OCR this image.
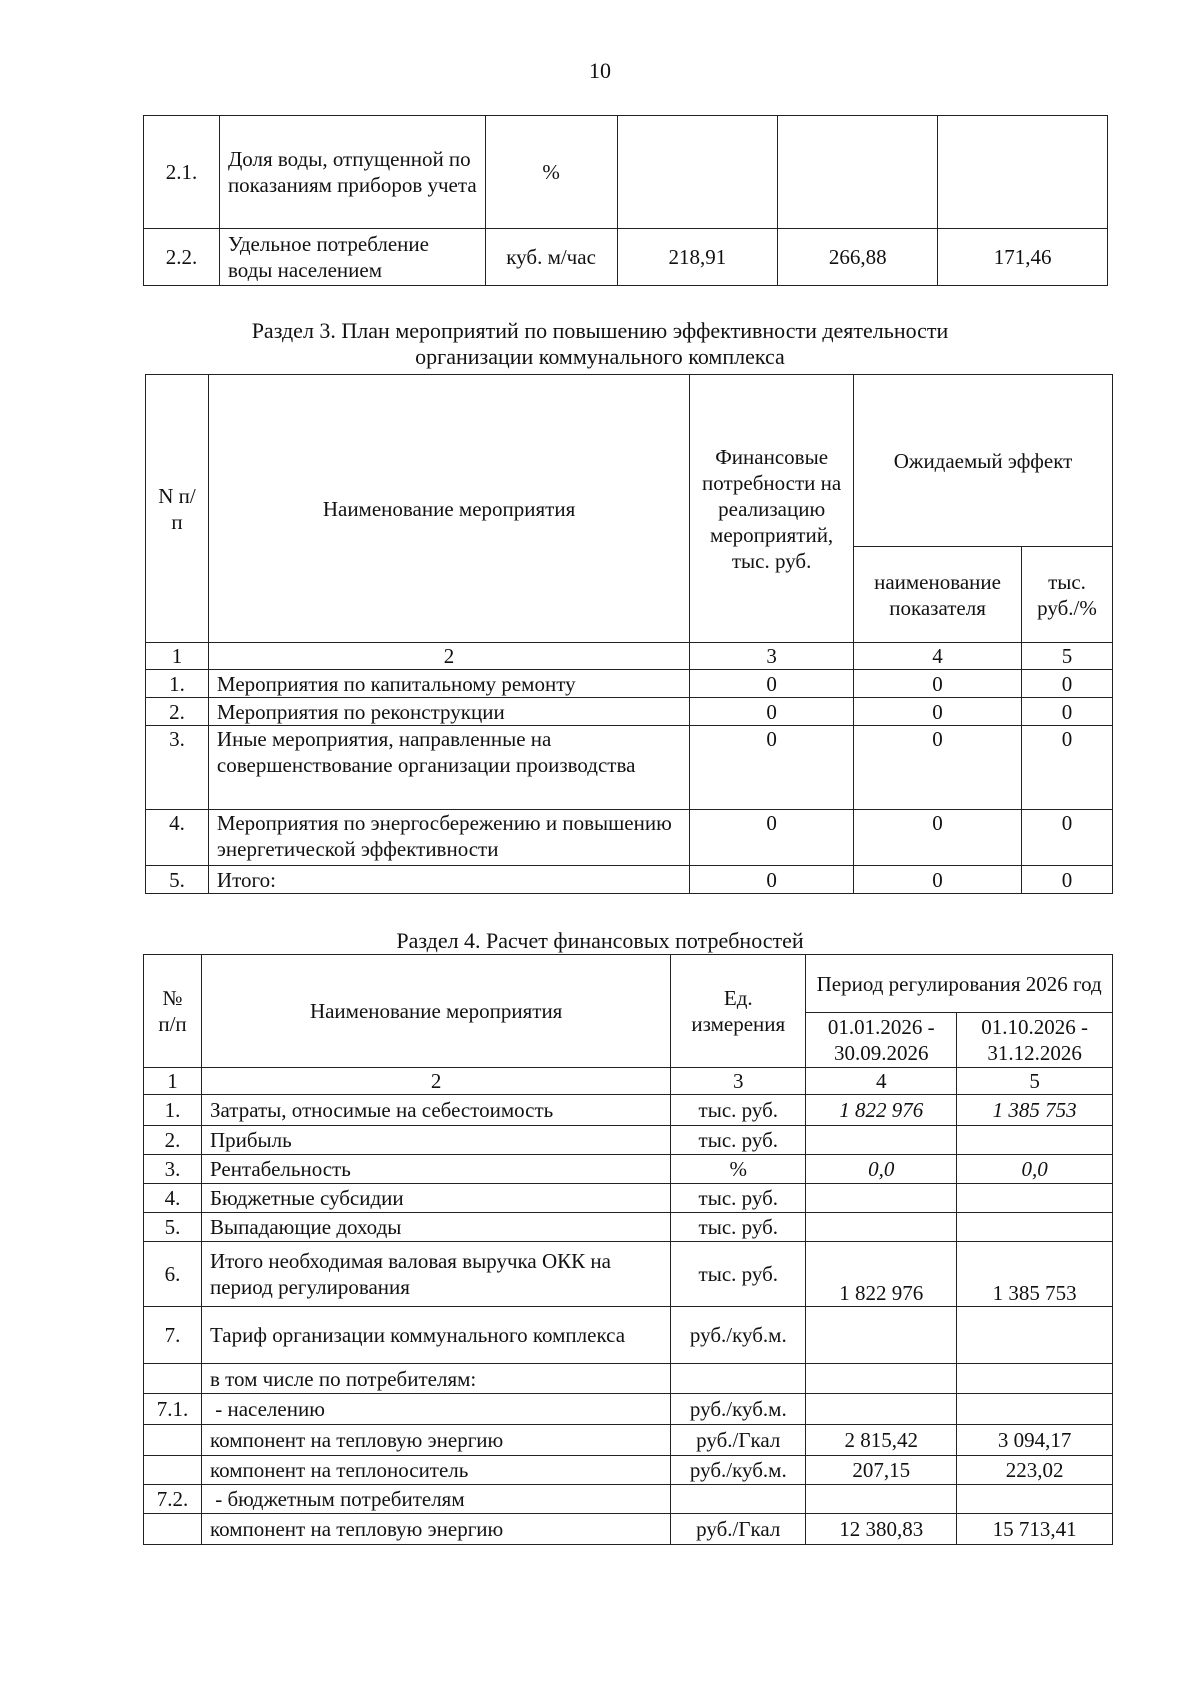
10
2.1.	Доля воды, отпущенной по показаниям приборов учета	%			
2.2.	Удельное потребление воды населением	куб. м/час	218,91	266,88	171,46
Раздел 3. План мероприятий по повышению эффективности деятельности организации коммунального комплекса
N п/п	Наименование мероприятия	Финансовые потребности на реализацию мероприятий, тыс. руб.	Ожидаемый эффект	
			наименование показателя	тыс. руб./%
1	2	3	4	5
1.	Мероприятия по капитальному ремонту	0	0	0
2.	Мероприятия по реконструкции	0	0	0
3.	Иные мероприятия, направленные на совершенствование организации производства	0	0	0
4.	Мероприятия по энергосбережению и повышению энергетической эффективности	0	0	0
5.	Итого:	0	0	0
Раздел 4. Расчет финансовых потребностей
№ п/п	Наименование мероприятия	Ед. измерения	Период регулирования 2026 год	
			01.01.2026 - 30.09.2026	01.10.2026 - 31.12.2026
1	2	3	4	5
1.	Затраты, относимые на себестоимость	тыс. руб.	1 822 976	1 385 753
2.	Прибыль	тыс. руб.		
3.	Рентабельность	%	0,0	0,0
4.	Бюджетные субсидии	тыс. руб.		
5.	Выпадающие доходы	тыс. руб.		
6.	Итого необходимая валовая выручка ОКК на период регулирования	тыс. руб.	1 822 976	1 385 753
7.	Тариф организации коммунального комплекса	руб./куб.м.		
	в том числе по потребителям:			
7.1.	- населению	руб./куб.м.		
	компонент на тепловую энергию	руб./Гкал	2 815,42	3 094,17
	компонент на теплоноситель	руб./куб.м.	207,15	223,02
7.2.	- бюджетным потребителям			
	компонент на тепловую энергию	руб./Гкал	12 380,83	15 713,41
